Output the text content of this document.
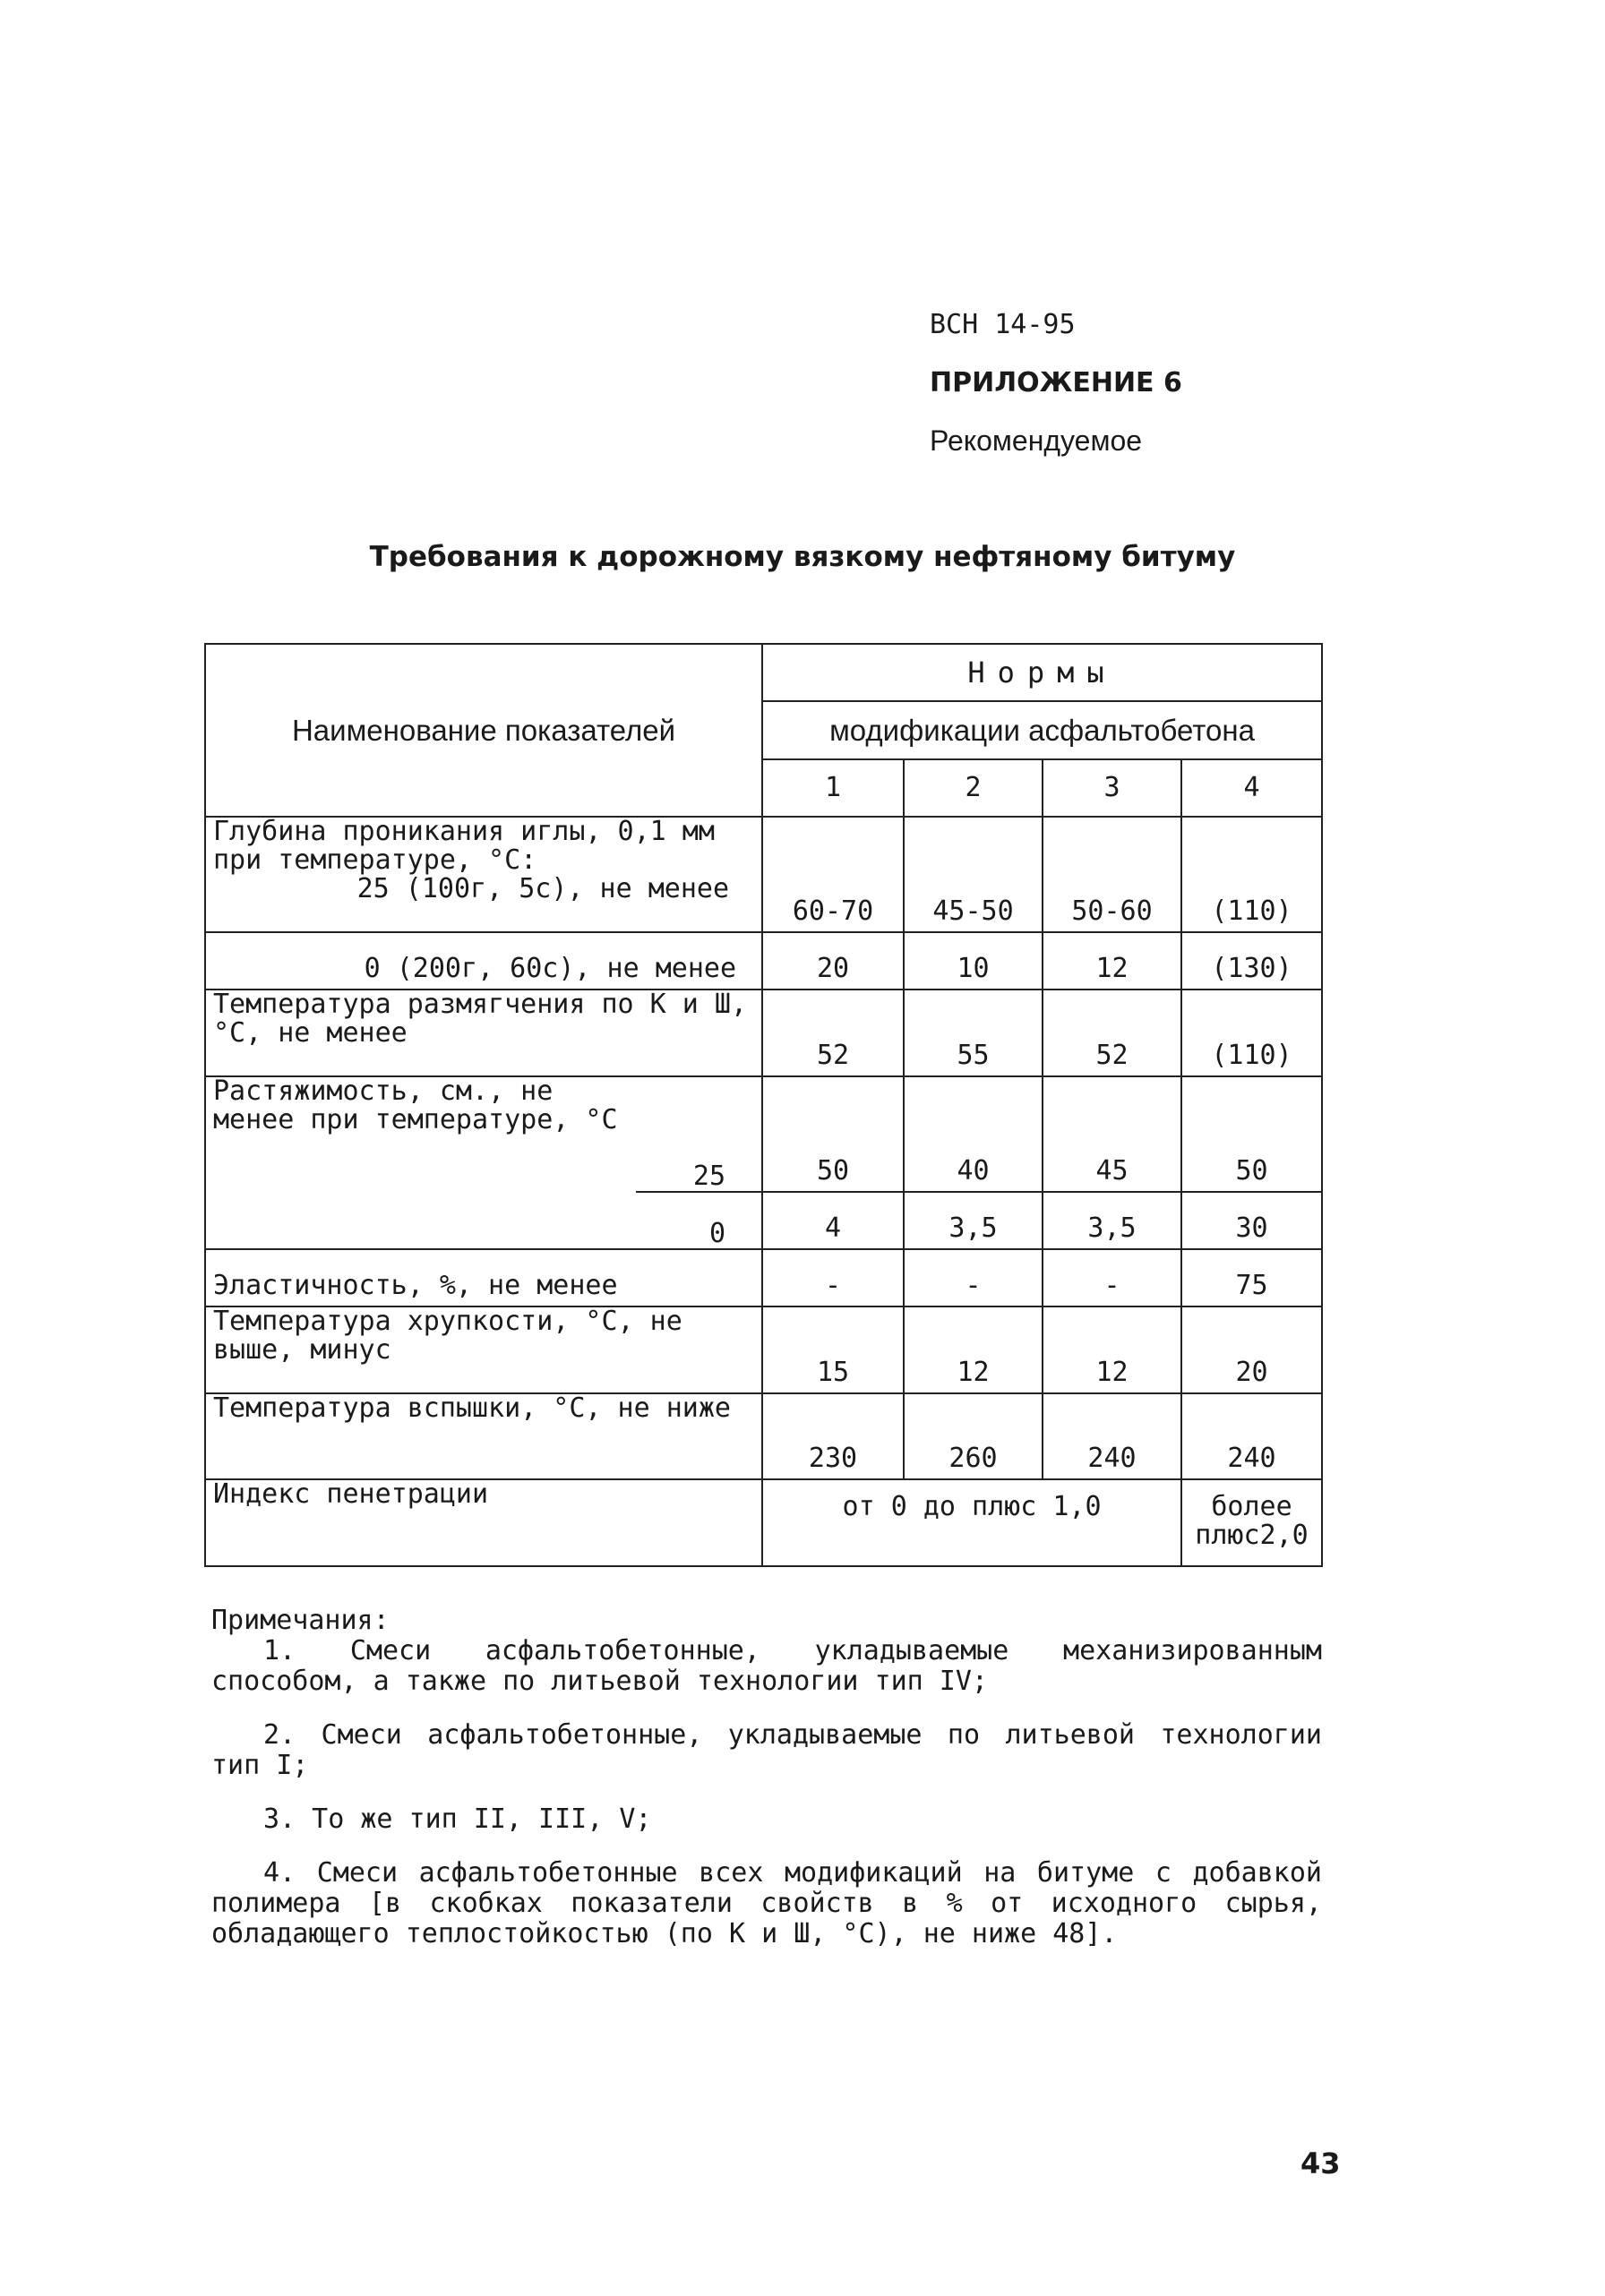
ВСН 14-95
ПРИЛОЖЕНИЕ 6
Рекомендуемое
Требования к дорожному вязкому нефтяному битуму
Наименование показателей		Нормы			
		модификации асфальтобетона			
		1	2	3	4
Глубина проникания иглы, 0,1 мм при температуре, °С:
25 (100г, 5с), не менее		60-70	45-50	50-60	(110)
0 (200г, 60с), не менее		20	10	12	(130)
Температура размягчения по К и Ш, °С, не менее		52	55	52	(110)
Растяжимость, см., не менее при температуре, °С	25	50	40	45	50
	0	4	3,5	3,5	30
Эластичность, %, не менее		-	-	-	75
Температура хрупкости, °С, не выше, минус		15	12	12	20
Температура вспышки, °С, не ниже		230	260	240	240
Индекс пенетрации		от 0 до плюс 1,0			более плюс2,0

Примечания:

1. Смеси асфальтобетонные, укладываемые механизированным способом, а также по литьевой технологии тип IV;

2. Смеси асфальтобетонные, укладываемые по литьевой технологии тип I;

3. То же тип II, III, V;

4. Смеси асфальтобетонные всех модификаций на битуме с добавкой полимера [в скобках показатели свойств в % от исходного сырья, обладающего теплостойкостью (по К и Ш, °С), не ниже 48].

43
